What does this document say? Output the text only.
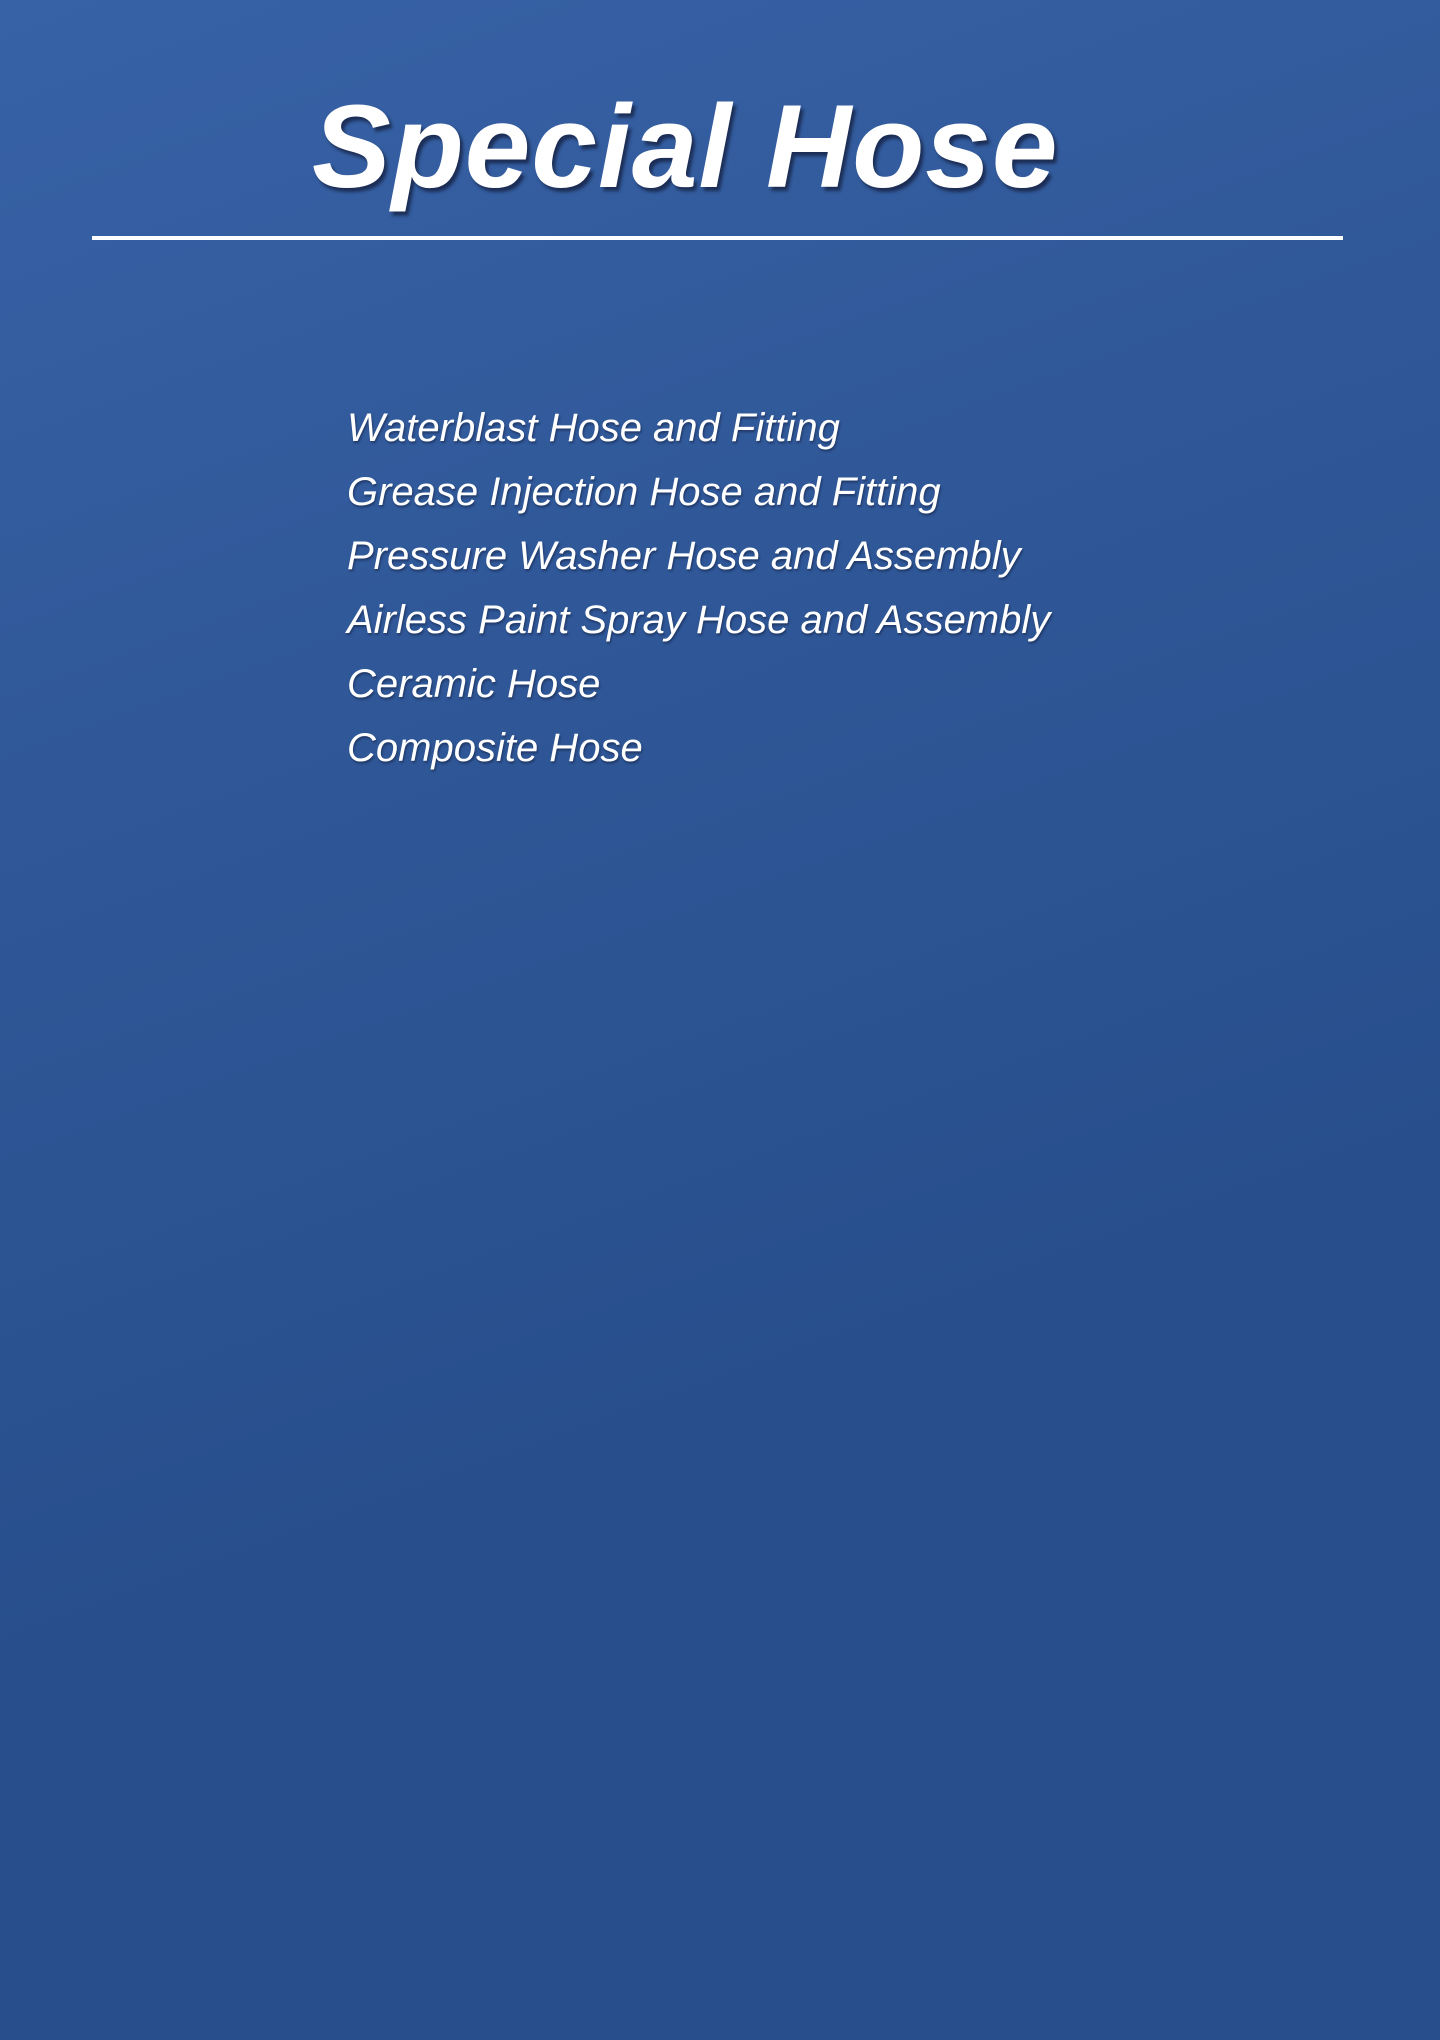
Special Hose
Waterblast Hose and Fitting
Grease Injection Hose and Fitting
Pressure Washer Hose and Assembly
Airless Paint Spray Hose and Assembly
Ceramic Hose
Composite Hose
